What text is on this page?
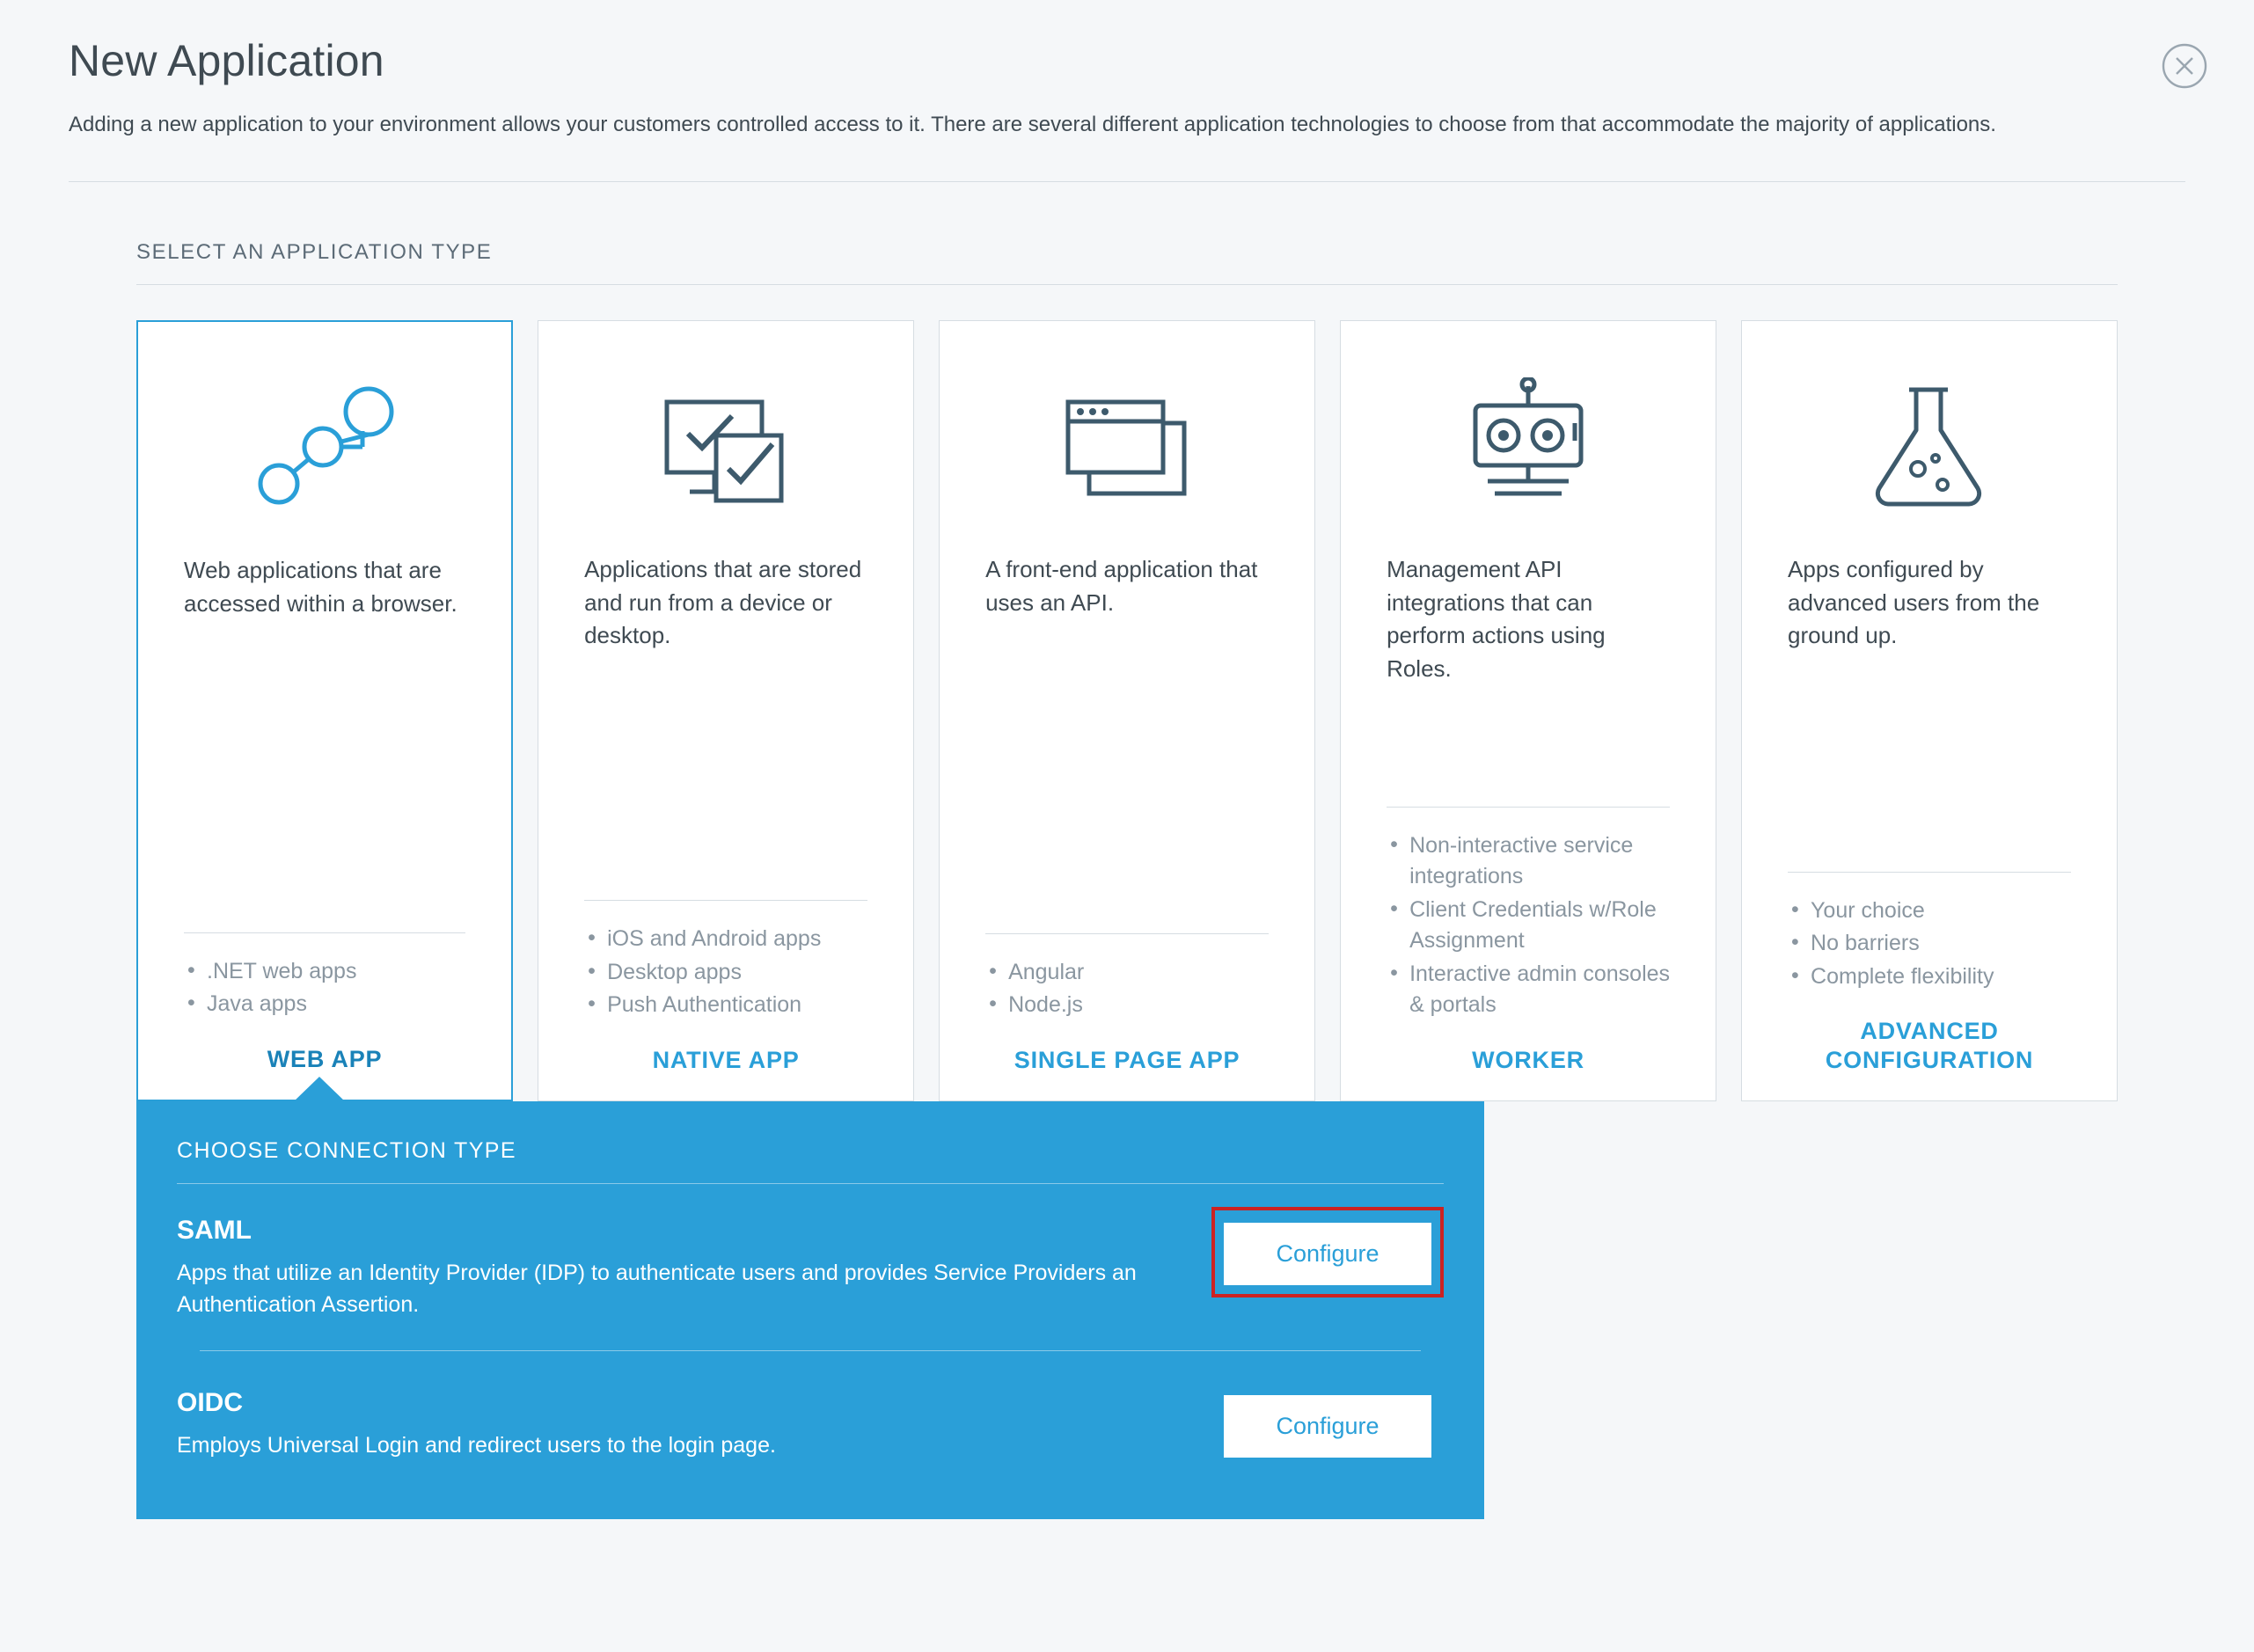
New Application

Adding a new application to your environment allows your customers controlled access to it. There are several different application technologies to choose from that accommodate the majority of applications.

SELECT AN APPLICATION TYPE
Web applications that are accessed within a browser.
• .NET web apps
• Java apps
WEB APP
Applications that are stored and run from a device or desktop.
• iOS and Android apps
• Desktop apps
• Push Authentication
NATIVE APP
A front-end application that uses an API.
• Angular
• Node.js
SINGLE PAGE APP
Management API integrations that can perform actions using Roles.
• Non-interactive service integrations
• Client Credentials w/Role Assignment
• Interactive admin consoles & portals
WORKER
Apps configured by advanced users from the ground up.
• Your choice
• No barriers
• Complete flexibility
ADVANCED CONFIGURATION
CHOOSE CONNECTION TYPE
SAML
Apps that utilize an Identity Provider (IDP) to authenticate users and provides Service Providers an Authentication Assertion.
Configure
OIDC
Employs Universal Login and redirect users to the login page.
Configure
